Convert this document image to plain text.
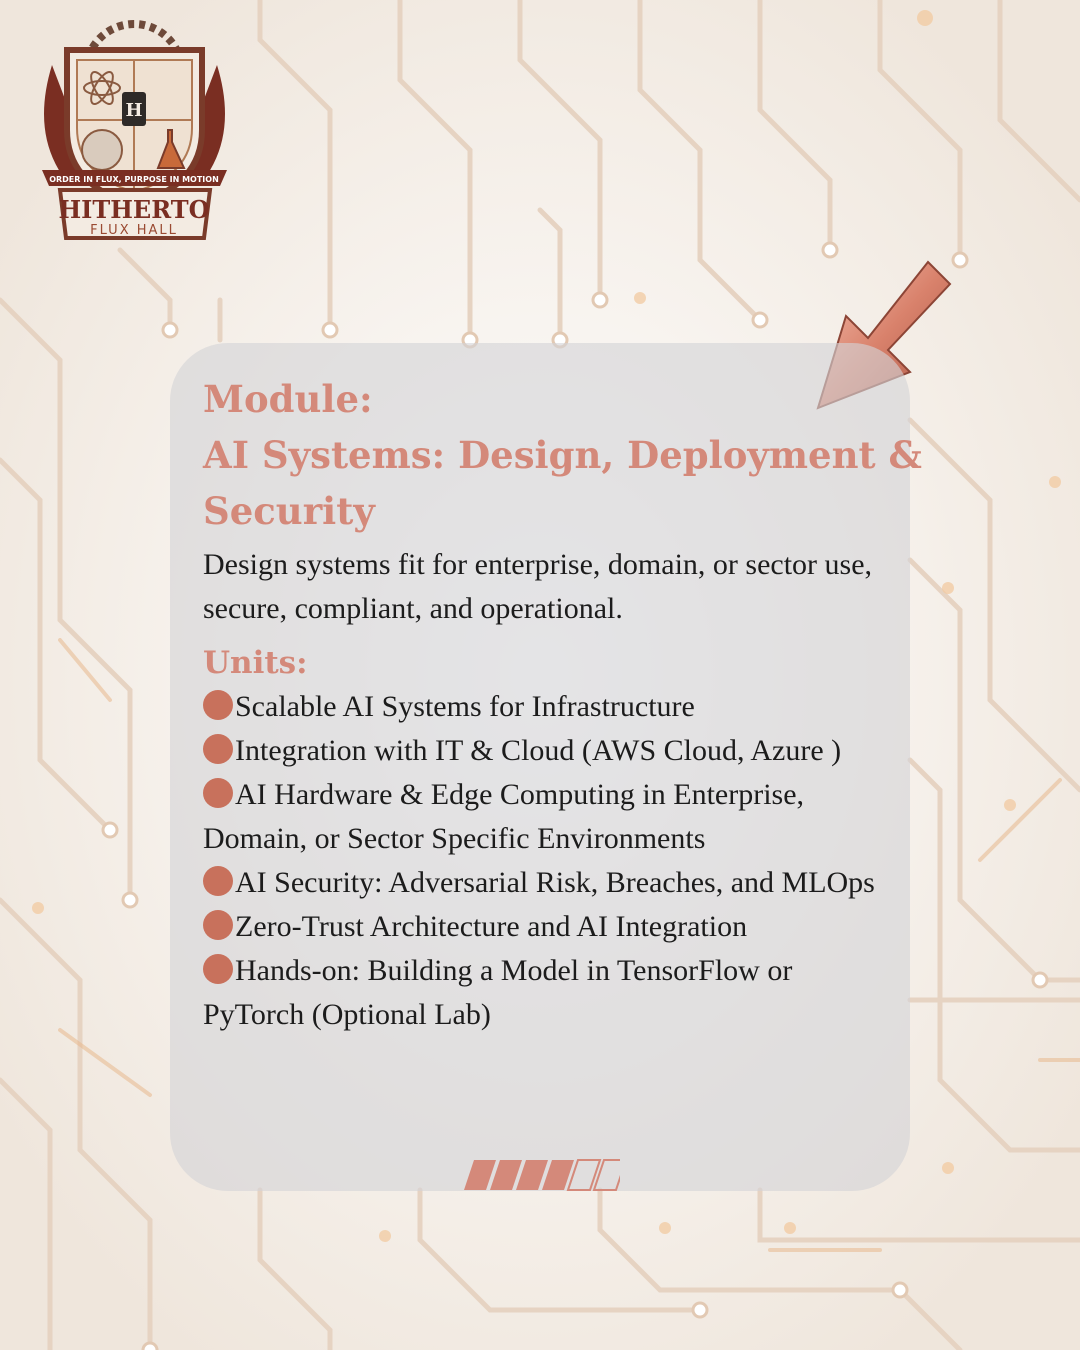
H
ORDER IN FLUX, PURPOSE IN MOTION
HITHERTO
FLUX HALL

Module:

AI Systems: Design, Deployment & Security

Design systems fit for enterprise, domain, or sector use, secure, compliant, and operational.

Units:

Scalable AI Systems for Infrastructure
Integration with IT & Cloud (AWS Cloud, Azure )
AI Hardware & Edge Computing in Enterprise, Domain, or Sector Specific Environments
AI Security: Adversarial Risk, Breaches, and MLOps
Zero-Trust Architecture and AI Integration
Hands-on: Building a Model in TensorFlow or PyTorch (Optional Lab)
